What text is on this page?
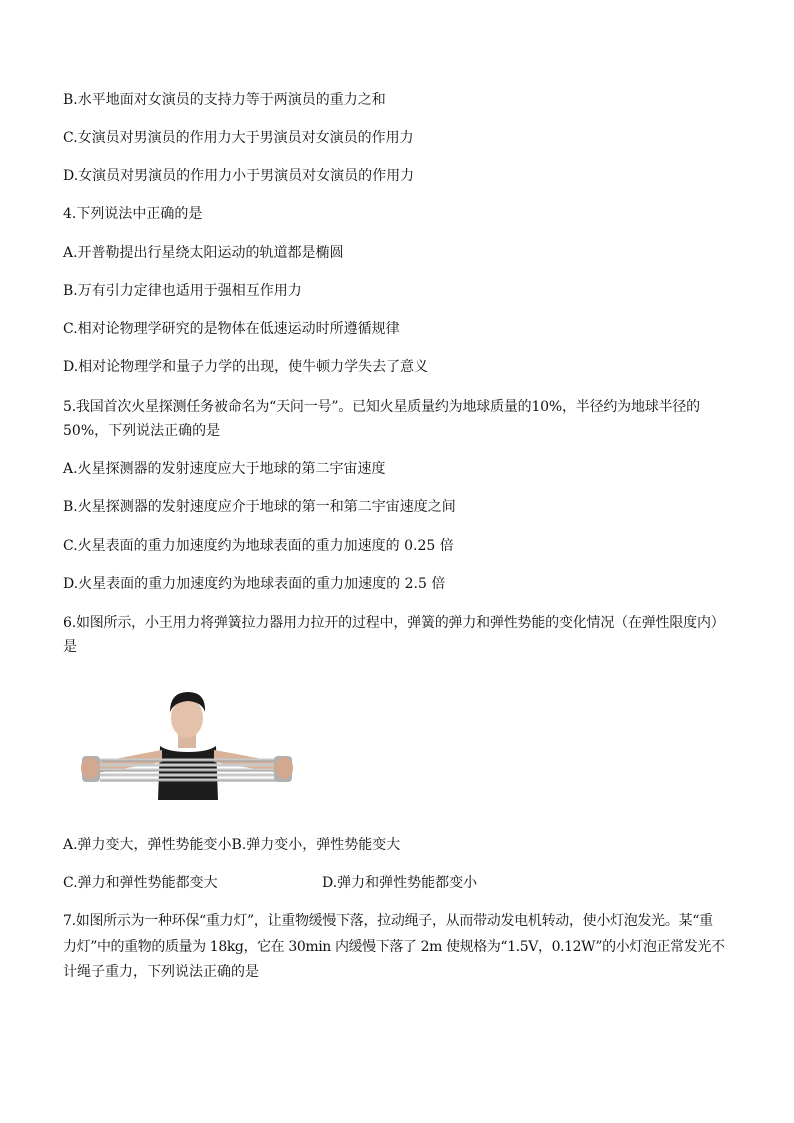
B.水平地面对女演员的支持力等于两演员的重力之和
C.女演员对男演员的作用力大于男演员对女演员的作用力
D.女演员对男演员的作用力小于男演员对女演员的作用力
4.下列说法中正确的是
A.开普勒提出行星绕太阳运动的轨道都是椭圆
B.万有引力定律也适用于强相互作用力
C.相对论物理学研究的是物体在低速运动时所遵循规律
D.相对论物理学和量子力学的出现，使牛顿力学失去了意义
5.我国首次火星探测任务被命名为“天问一号”。已知火星质量约为地球质量的10%，半径约为地球半径的
50%，下列说法正确的是
A.火星探测器的发射速度应大于地球的第二宇宙速度
B.火星探测器的发射速度应介于地球的第一和第二宇宙速度之间
C.火星表面的重力加速度约为地球表面的重力加速度的 0.25 倍
D.火星表面的重力加速度约为地球表面的重力加速度的 2.5 倍
6.如图所示，小王用力将弹簧拉力器用力拉开的过程中，弹簧的弹力和弹性势能的变化情况（在弹性限度内）
是
A.弹力变大，弹性势能变小B.弹力变小，弹性势能变大
C.弹力和弹性势能都变大	D.弹力和弹性势能都变小
7.如图所示为一种环保“重力灯”，让重物缓慢下落，拉动绳子，从而带动发电机转动，使小灯泡发光。某“重
力灯”中的重物的质量为 18kg，它在 30min 内缓慢下落了 2m 使规格为“1.5V，0.12W”的小灯泡正常发光不
计绳子重力，下列说法正确的是
